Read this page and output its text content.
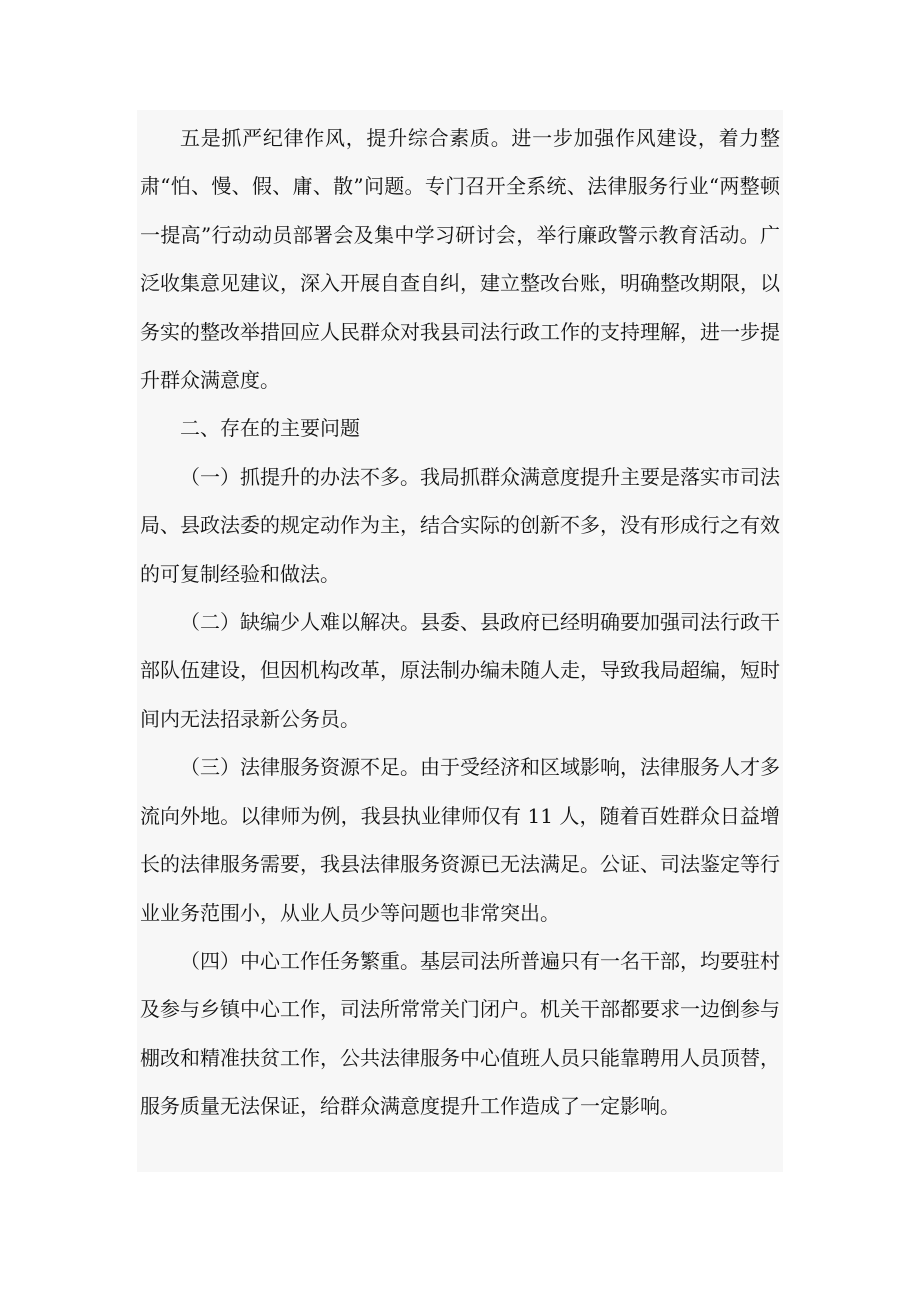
五是抓严纪律作风，提升综合素质。进一步加强作风建设，着力整肃“怕、慢、假、庸、散”问题。专门召开全系统、法律服务行业“两整顿一提高”行动动员部署会及集中学习研讨会，举行廉政警示教育活动。广泛收集意见建议，深入开展自查自纠，建立整改台账，明确整改期限，以务实的整改举措回应人民群众对我县司法行政工作的支持理解，进一步提升群众满意度。

二、存在的主要问题

（一）抓提升的办法不多。我局抓群众满意度提升主要是落实市司法局、县政法委的规定动作为主，结合实际的创新不多，没有形成行之有效的可复制经验和做法。

（二）缺编少人难以解决。县委、县政府已经明确要加强司法行政干部队伍建设，但因机构改革，原法制办编未随人走，导致我局超编，短时间内无法招录新公务员。

（三）法律服务资源不足。由于受经济和区域影响，法律服务人才多流向外地。以律师为例，我县执业律师仅有 11 人，随着百姓群众日益增长的法律服务需要，我县法律服务资源已无法满足。公证、司法鉴定等行业业务范围小，从业人员少等问题也非常突出。

（四）中心工作任务繁重。基层司法所普遍只有一名干部，均要驻村及参与乡镇中心工作，司法所常常关门闭户。机关干部都要求一边倒参与棚改和精准扶贫工作，公共法律服务中心值班人员只能靠聘用人员顶替，服务质量无法保证，给群众满意度提升工作造成了一定影响。
